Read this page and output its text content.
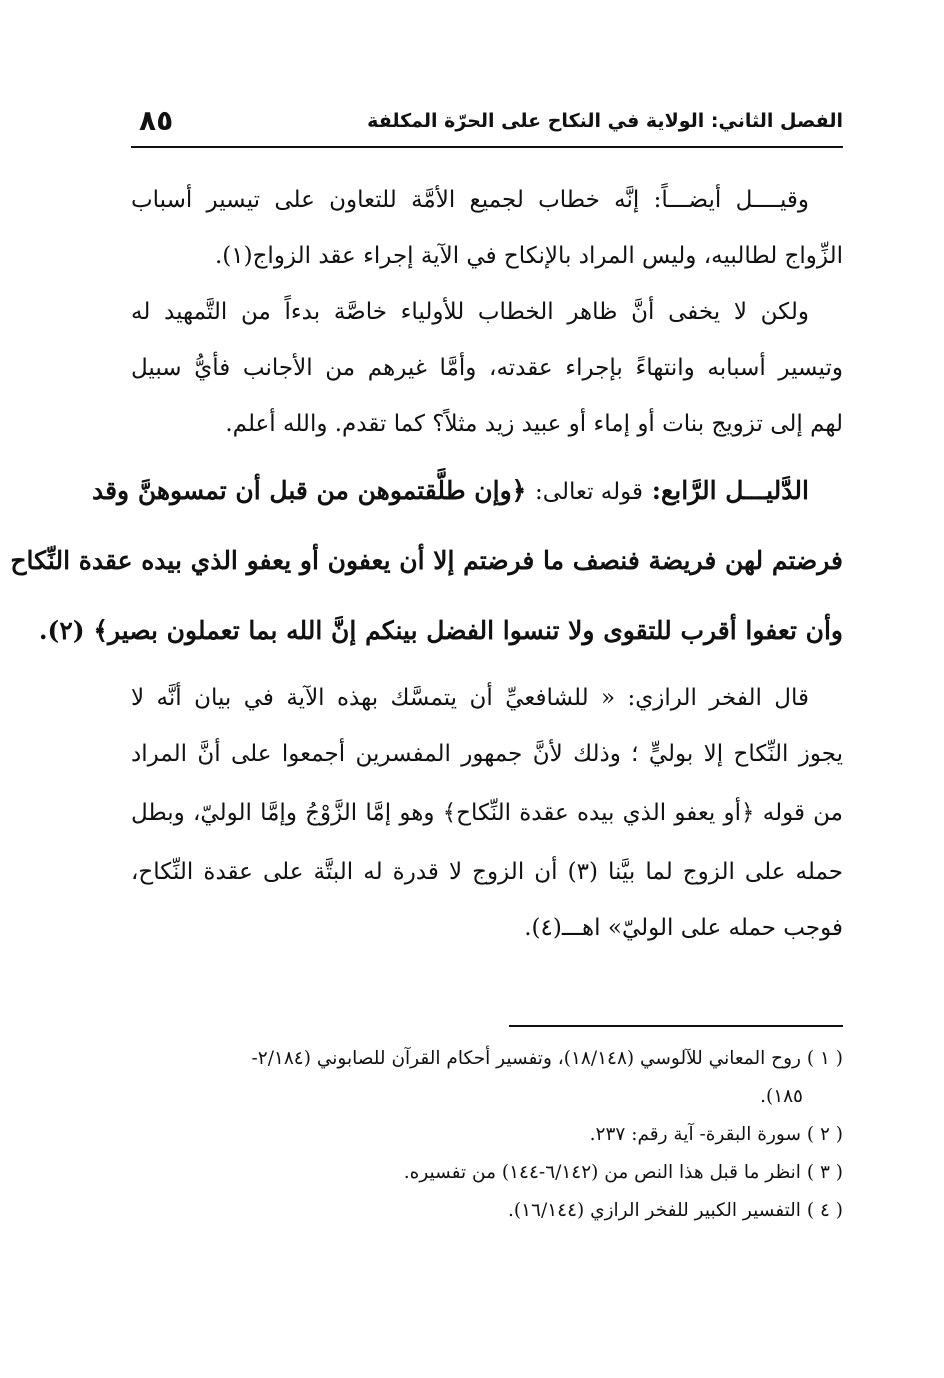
الفصل الثاني: الولاية في النكاح على الحرّة المكلفة
٨٥
وقيــــل أيضـــاً: إنَّه خطاب لجميع الأمَّة للتعاون على تيسير أسباب
الزِّواج لطالبيه، وليس المراد بالإنكاح في الآية إجراء عقد الزواج(١).
ولكن لا يخفى أنَّ ظاهر الخطاب للأولياء خاصَّة بدءاً من التَّمهيد له
وتيسير أسبابه وانتهاءً بإجراء عقدته، وأمَّا غيرهم من الأجانب فأيُّ سبيل
لهم إلى تزويج بنات أو إماء أو عبيد زيد مثلاً؟ كما تقدم. والله أعلم.
الدَّليـــل الرَّابع: قوله تعالى: ﴿وإن طلَّقتموهن من قبل أن تمسوهنَّ وقد
فرضتم لهن فريضة فنصف ما فرضتم إلا أن يعفون أو يعفو الذي بيده عقدة النِّكاح
وأن تعفوا أقرب للتقوى ولا تنسوا الفضل بينكم إنَّ الله بما تعملون بصير﴾ (٢).
قال الفخر الرازي: « للشافعيِّ أن يتمسَّك بهذه الآية في بيان أنَّه لا
يجوز النِّكاح إلا بوليٍّ ؛ وذلك لأنَّ جمهور المفسرين أجمعوا على أنَّ المراد
من قوله ﴿أو يعفو الذي بيده عقدة النِّكاح﴾ وهو إمَّا الزَّوْجُ وإمَّا الوليّ، وبطل
حمله على الزوج لما بيَّنا (٣) أن الزوج لا قدرة له البتَّة على عقدة النِّكاح،
فوجب حمله على الوليّ» اهـــ(٤).
( ١ ) روح المعاني للآلوسي (١٨/١٤٨)، وتفسير أحكام القرآن للصابوني (٢/١٨٤-
١٨٥).
( ٢ ) سورة البقرة- آية رقم: ٢٣٧.
( ٣ ) انظر ما قبل هذا النص من (٦/١٤٢-١٤٤) من تفسيره.
( ٤ ) التفسير الكبير للفخر الرازي (١٦/١٤٤).
